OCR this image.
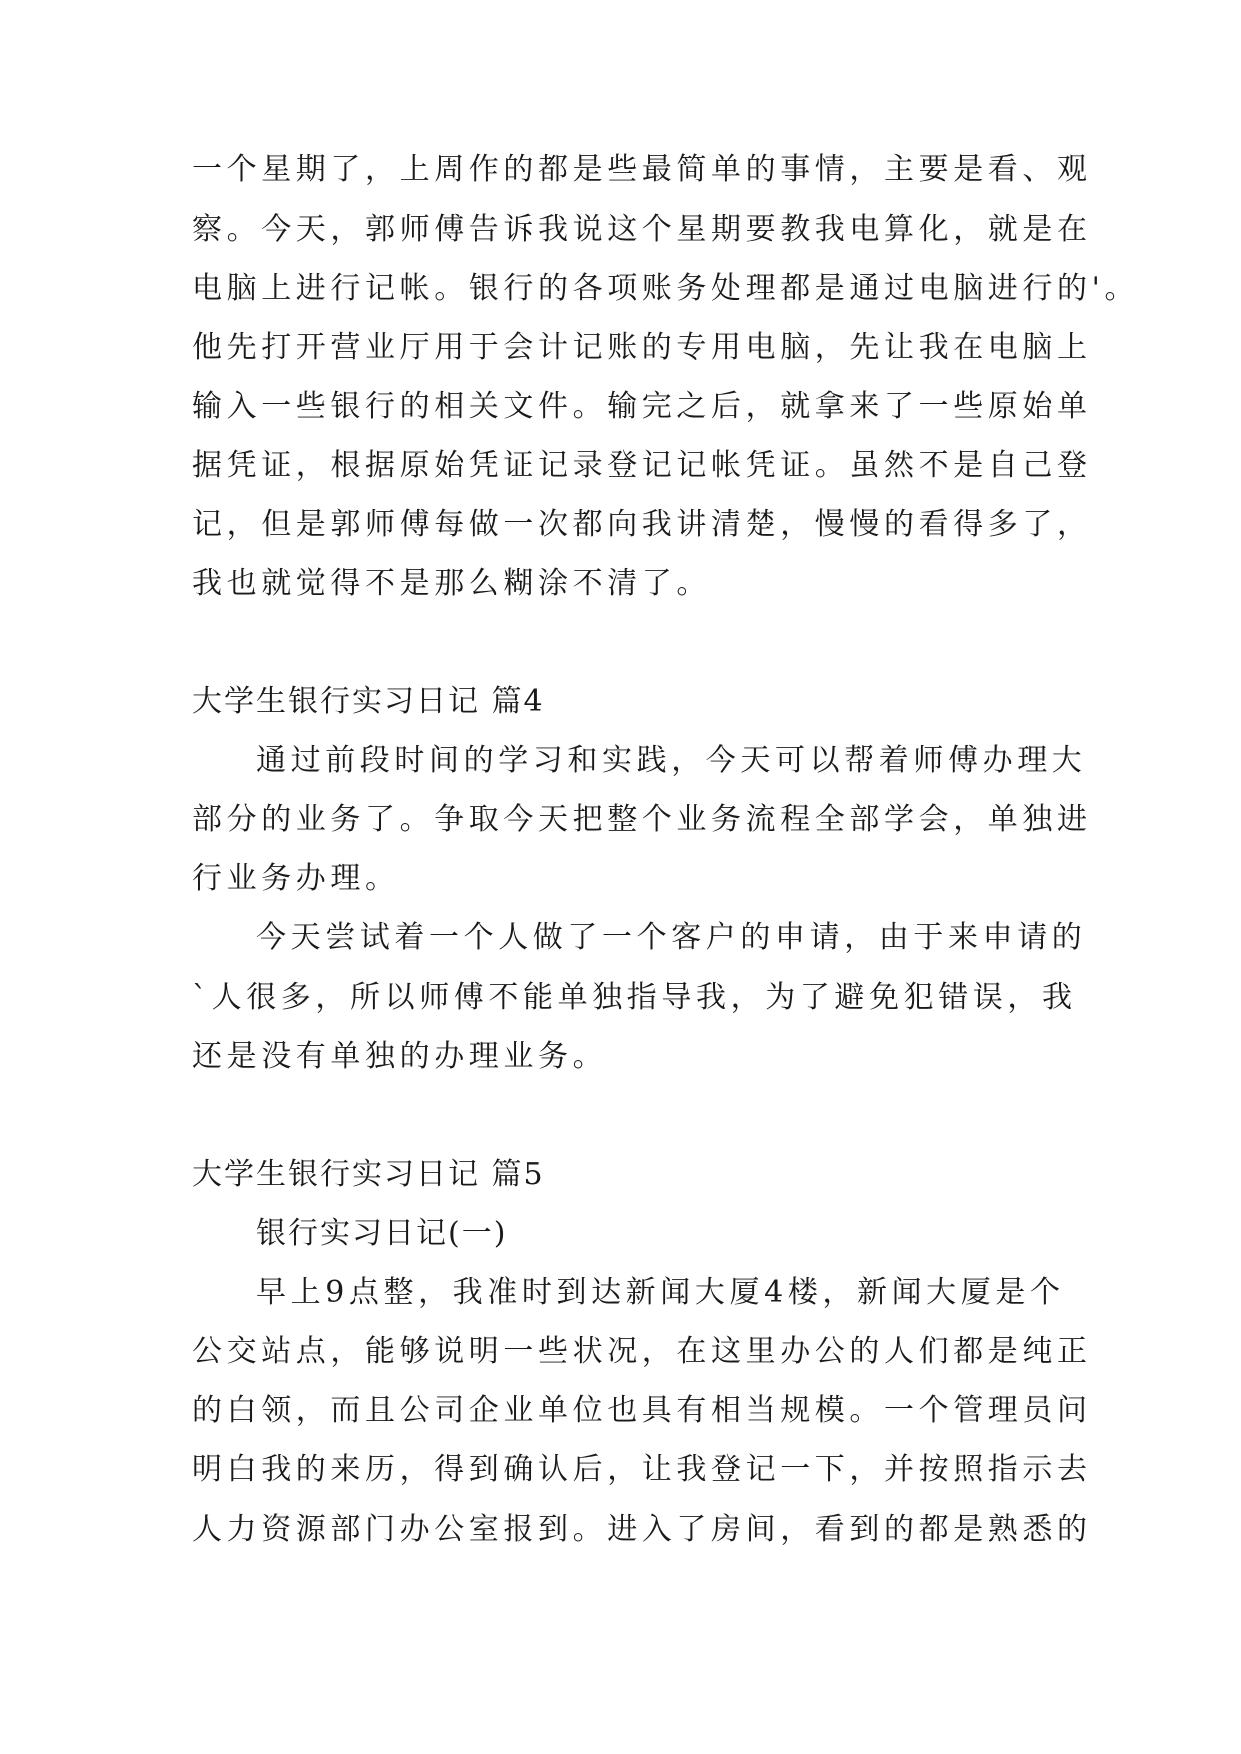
一个星期了，上周作的都是些最简单的事情，主要是看、观
察。今天，郭师傅告诉我说这个星期要教我电算化，就是在
电脑上进行记帐。银行的各项账务处理都是通过电脑进行的'。
他先打开营业厅用于会计记账的专用电脑，先让我在电脑上
输入一些银行的相关文件。输完之后，就拿来了一些原始单
据凭证，根据原始凭证记录登记记帐凭证。虽然不是自己登
记，但是郭师傅每做一次都向我讲清楚，慢慢的看得多了，
我也就觉得不是那么糊涂不清了。
大学生银行实习日记 篇4
通过前段时间的学习和实践，今天可以帮着师傅办理大
部分的业务了。争取今天把整个业务流程全部学会，单独进
行业务办理。
今天尝试着一个人做了一个客户的申请，由于来申请的
`人很多，所以师傅不能单独指导我，为了避免犯错误，我
还是没有单独的办理业务。
大学生银行实习日记 篇5
银行实习日记(一)
早上9点整，我准时到达新闻大厦4楼，新闻大厦是个
公交站点，能够说明一些状况，在这里办公的人们都是纯正
的白领，而且公司企业单位也具有相当规模。一个管理员问
明白我的来历，得到确认后，让我登记一下，并按照指示去
人力资源部门办公室报到。进入了房间，看到的都是熟悉的
